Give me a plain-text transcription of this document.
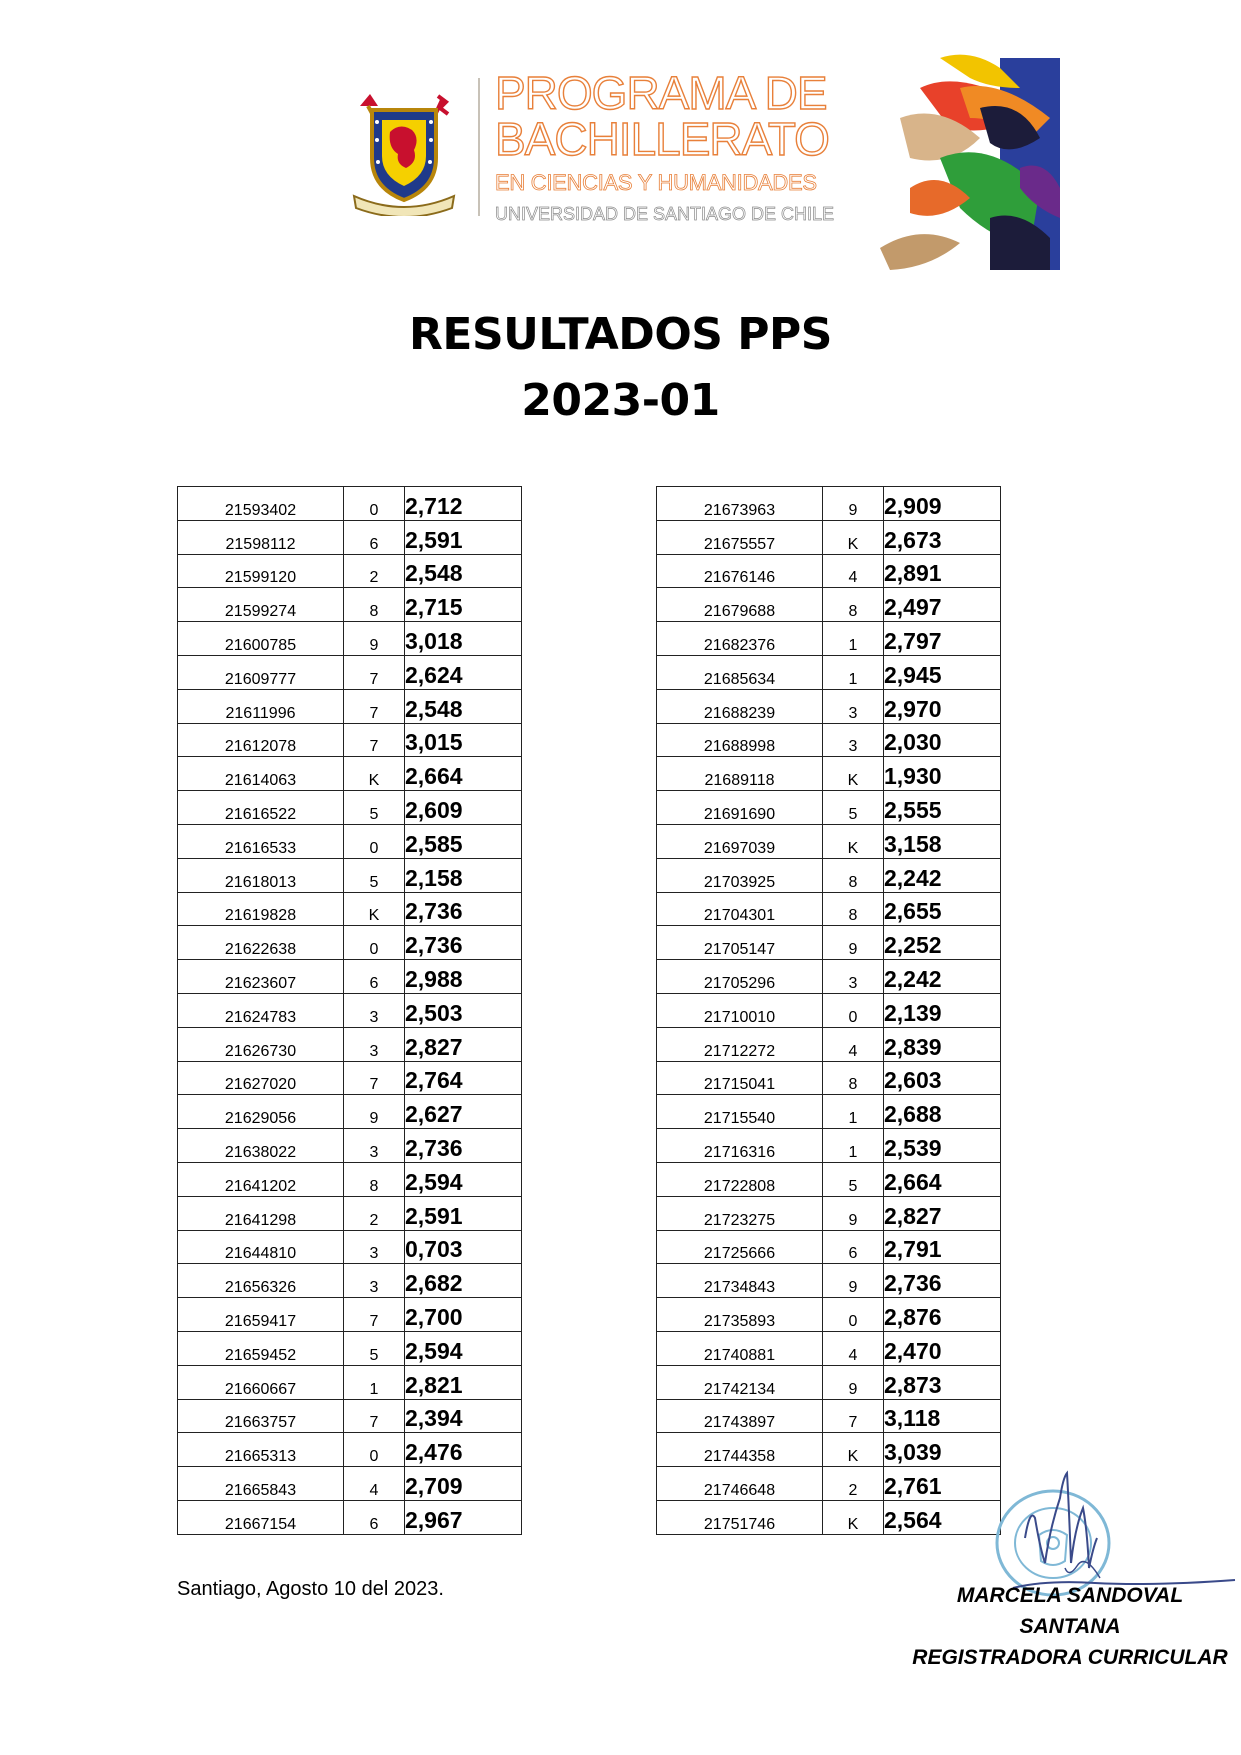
PROGRAMA DE
BACHILLERATO
EN CIENCIAS Y HUMANIDADES
UNIVERSIDAD DE SANTIAGO DE CHILE
RESULTADOS PPS
2023-01
21593402	0	2,712
21598112	6	2,591
21599120	2	2,548
21599274	8	2,715
21600785	9	3,018
21609777	7	2,624
21611996	7	2,548
21612078	7	3,015
21614063	K	2,664
21616522	5	2,609
21616533	0	2,585
21618013	5	2,158
21619828	K	2,736
21622638	0	2,736
21623607	6	2,988
21624783	3	2,503
21626730	3	2,827
21627020	7	2,764
21629056	9	2,627
21638022	3	2,736
21641202	8	2,594
21641298	2	2,591
21644810	3	0,703
21656326	3	2,682
21659417	7	2,700
21659452	5	2,594
21660667	1	2,821
21663757	7	2,394
21665313	0	2,476
21665843	4	2,709
21667154	6	2,967
21673963	9	2,909
21675557	K	2,673
21676146	4	2,891
21679688	8	2,497
21682376	1	2,797
21685634	1	2,945
21688239	3	2,970
21688998	3	2,030
21689118	K	1,930
21691690	5	2,555
21697039	K	3,158
21703925	8	2,242
21704301	8	2,655
21705147	9	2,252
21705296	3	2,242
21710010	0	2,139
21712272	4	2,839
21715041	8	2,603
21715540	1	2,688
21716316	1	2,539
21722808	5	2,664
21723275	9	2,827
21725666	6	2,791
21734843	9	2,736
21735893	0	2,876
21740881	4	2,470
21742134	9	2,873
21743897	7	3,118
21744358	K	3,039
21746648	2	2,761
21751746	K	2,564
Santiago, Agosto 10 del 2023.	MARCELA SANDOVAL SANTANA
REGISTRADORA CURRICULAR
